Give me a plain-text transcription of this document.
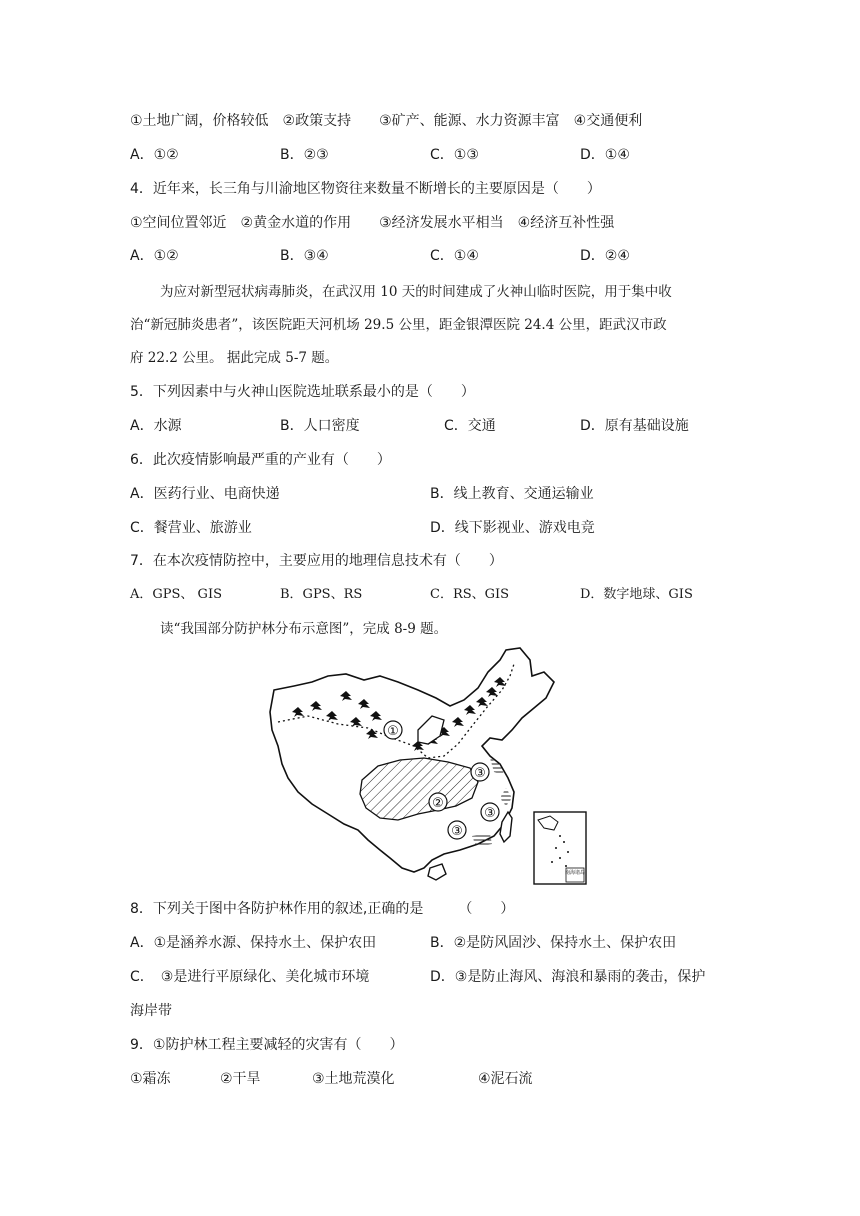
①土地广阔，价格较低　②政策支持　　③矿产、能源、水力资源丰富　④交通便利
A．①②	B．②③	C．①③	D．①④
4．近年来，长三角与川渝地区物资往来数量不断增长的主要原因是（　　）
①空间位置邻近　②黄金水道的作用　　③经济发展水平相当　④经济互补性强
A．①②	B．③④	C．①④	D．②④
为应对新型冠状病毒肺炎，在武汉用 10 天的时间建成了火神山临时医院，用于集中收
治“新冠肺炎患者”，该医院距天河机场 29.5 公里，距金银潭医院 24.4 公里，距武汉市政
府 22.2 公里。 据此完成 5-7 题。
5．下列因素中与火神山医院选址联系最小的是（　　）
A．水源	B．人口密度	C．交通	D．原有基础设施
6．此次疫情影响最严重的产业有（　　）
A．医药行业、电商快递	B．线上教育、交通运输业
C．餐营业、旅游业	D．线下影视业、游戏电竞
7．在本次疫情防控中，主要应用的地理信息技术有（　　）
A．GPS、 GIS	B．GPS、RS	C．RS、GIS	D．数字地球、GIS
读“我国部分防护林分布示意图”，完成 8-9 题。
①
②
③
③
③
南海诸岛
8．下列关于图中各防护林作用的叙述,正确的是　　　（　　）
A．①是涵养水源、保持水土、保护农田	B．②是防风固沙、保持水土、保护农田
C．　③是进行平原绿化、美化城市环境	D．③是防止海风、海浪和暴雨的袭击，保护
海岸带
9．①防护林工程主要减轻的灾害有（　　）
①霜冻	②干旱	③土地荒漠化	④泥石流
